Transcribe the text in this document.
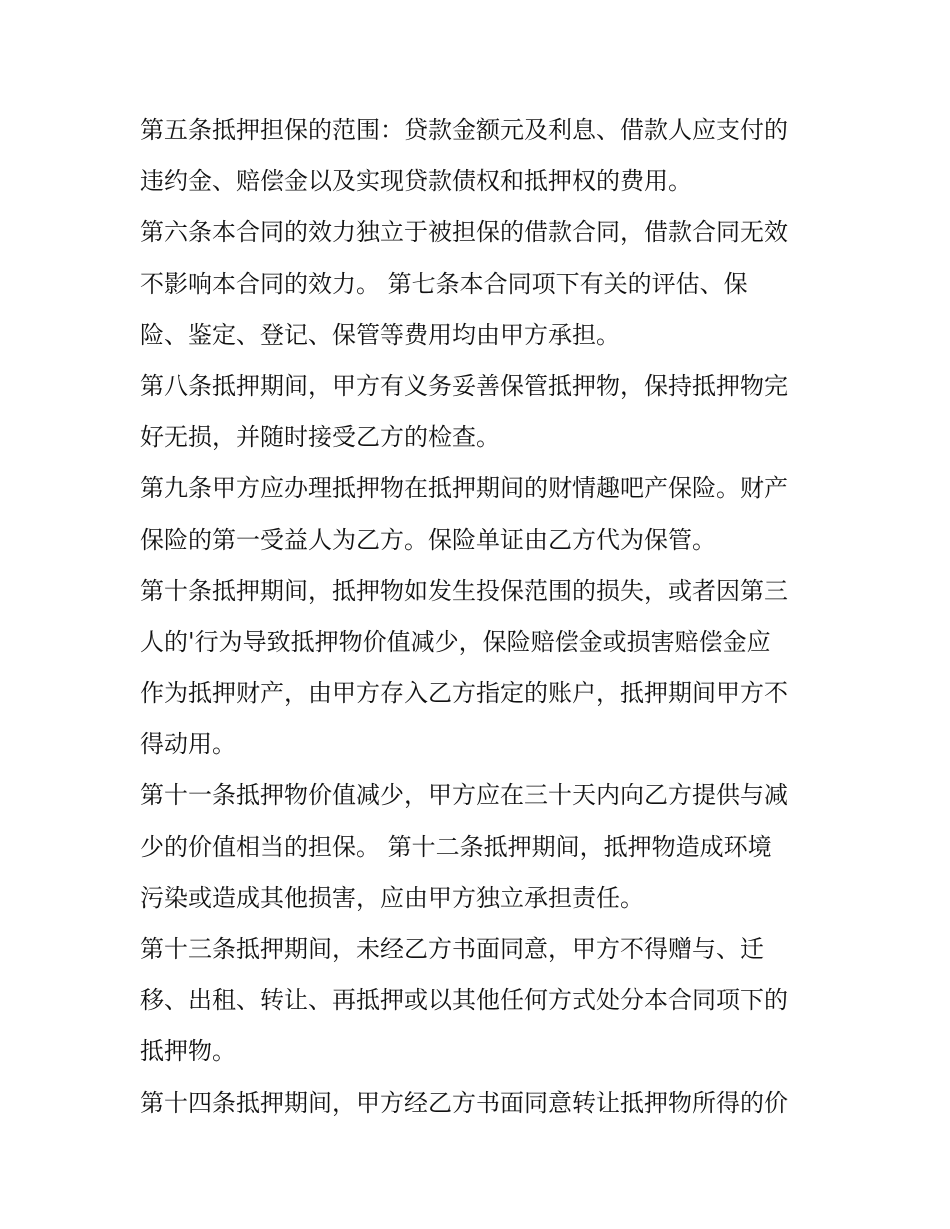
第五条抵押担保的范围：贷款金额元及利息、借款人应支付的
违约金、赔偿金以及实现贷款债权和抵押权的费用。
第六条本合同的效力独立于被担保的借款合同，借款合同无效
不影响本合同的效力。 第七条本合同项下有关的评估、保
险、鉴定、登记、保管等费用均由甲方承担。
第八条抵押期间，甲方有义务妥善保管抵押物，保持抵押物完
好无损，并随时接受乙方的检查。
第九条甲方应办理抵押物在抵押期间的财情趣吧产保险。财产
保险的第一受益人为乙方。保险单证由乙方代为保管。
第十条抵押期间，抵押物如发生投保范围的损失，或者因第三
人的'行为导致抵押物价值减少，保险赔偿金或损害赔偿金应
作为抵押财产，由甲方存入乙方指定的账户，抵押期间甲方不
得动用。
第十一条抵押物价值减少，甲方应在三十天内向乙方提供与减
少的价值相当的担保。 第十二条抵押期间，抵押物造成环境
污染或造成其他损害，应由甲方独立承担责任。
第十三条抵押期间，未经乙方书面同意，甲方不得赠与、迁
移、出租、转让、再抵押或以其他任何方式处分本合同项下的
抵押物。
第十四条抵押期间，甲方经乙方书面同意转让抵押物所得的价
